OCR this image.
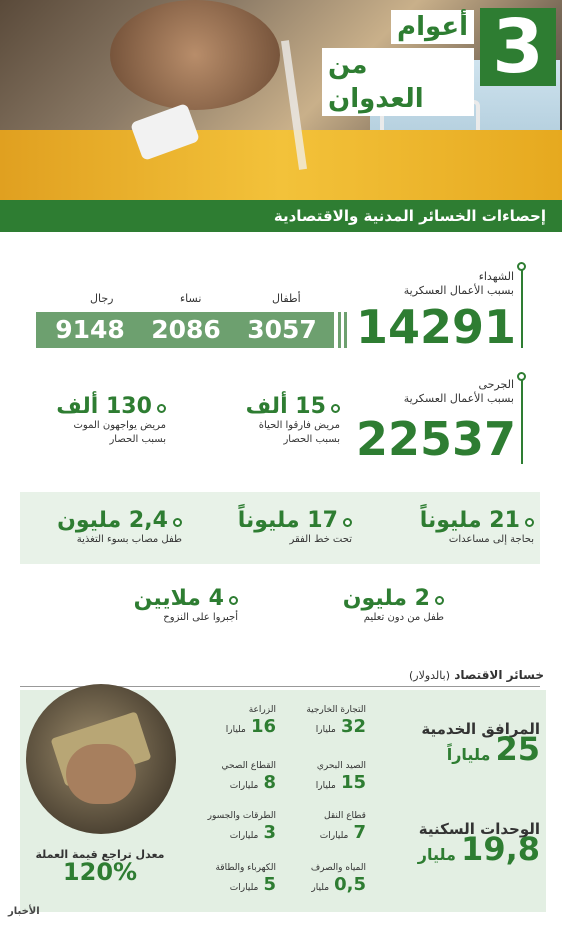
3
أعوام
من العدوان
إحصاءات الخسائر المدنية والاقتصادية
الشهداء
بسبب الأعمال العسكرية
14291
أطفال
نساء
رجال
3057
2086
9148
الجرحى
بسبب الأعمال العسكرية
22537
15 ألف
مريض فارقوا الحياة
بسبب الحصار
130 ألف
مريض يواجهون الموت
بسبب الحصار
21 مليوناً
بحاجة إلى مساعدات
17 مليوناً
تحت خط الفقر
2,4 مليون
طفل مصاب بسوء التغذية
2 مليون
طفل من دون تعليم
4 ملايين
أجبروا على النزوح
خسائر الاقتصاد (بالدولار)
المرافق الخدمية
25 ملياراً
الوحدات السكنية
19,8 مليار
التجارة الخارجية
32 مليارا
الصيد البحري
15 مليارا
قطاع النقل
7 مليارات
المياه والصرف
0,5 مليار
الزراعة
16 مليارا
القطاع الصحي
8 مليارات
الطرقات والجسور
3 مليارات
الكهرباء والطاقة
5 مليارات
معدل تراجع قيمة العملة
120%
الأخبار
